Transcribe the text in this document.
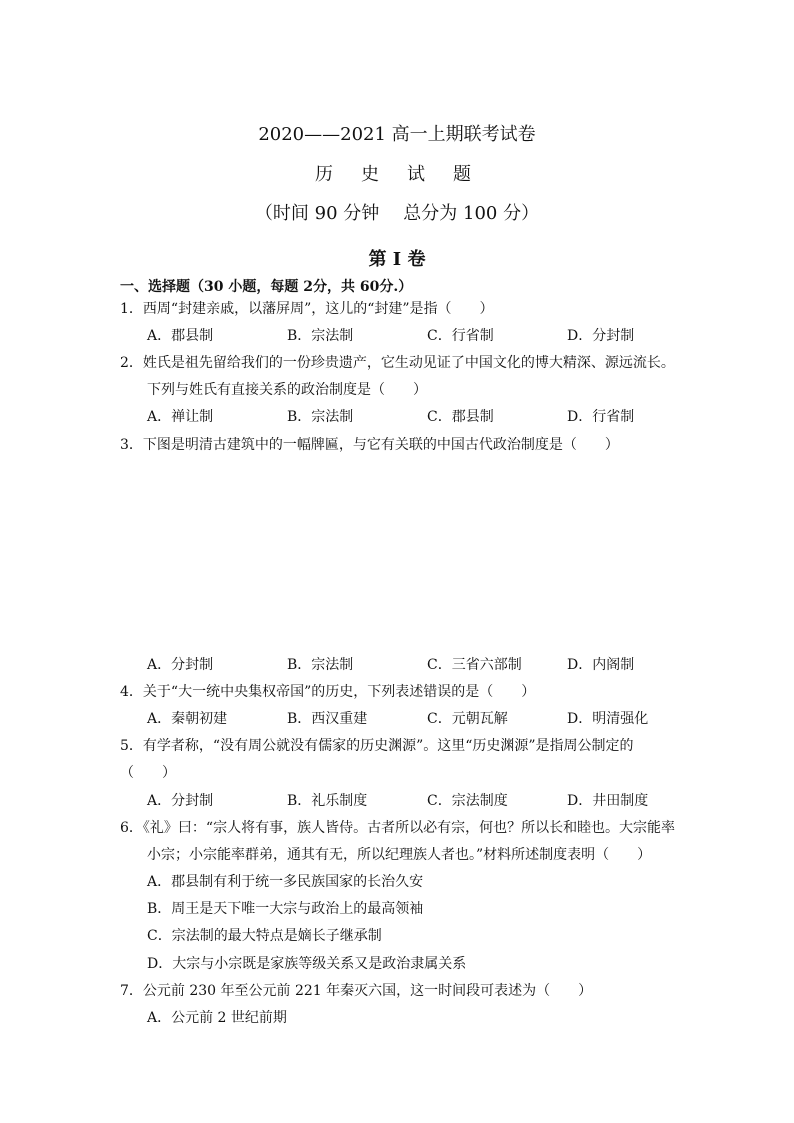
2020——2021 高一上期联考试卷
历史试题
（时间 90 分钟 总分为 100 分）
第 I 卷
一、选择题（30 小题，每题 2分，共 60分.）
1．西周“封建亲戚，以藩屏周”，这儿的“封建”是指（　　）
A．郡县制	B．宗法制	C．行省制	D．分封制
2．姓氏是祖先留给我们的一份珍贵遗产，它生动见证了中国文化的博大精深、源远流长。
下列与姓氏有直接关系的政治制度是（　　）
A．禅让制	B．宗法制	C．郡县制	D．行省制
3．下图是明清古建筑中的一幅牌匾，与它有关联的中国古代政治制度是（　　）
A．分封制	B．宗法制	C．三省六部制	D．内阁制
4．关于“大一统中央集权帝国”的历史，下列表述错误的是（　　）
A．秦朝初建	B．西汉重建	C．元朝瓦解	D．明清强化
5．有学者称，“没有周公就没有儒家的历史渊源”。这里“历史渊源”是指周公制定的
（　　）
A．分封制	B．礼乐制度	C．宗法制度	D．井田制度
6．《礼》曰：“宗人将有事，族人皆侍。古者所以必有宗，何也？所以长和睦也。大宗能率
小宗；小宗能率群弟，通其有无，所以纪理族人者也。”材料所述制度表明（　　）
A．郡县制有利于统一多民族国家的长治久安
B．周王是天下唯一大宗与政治上的最高领袖
C．宗法制的最大特点是嫡长子继承制
D．大宗与小宗既是家族等级关系又是政治隶属关系
7．公元前 230 年至公元前 221 年秦灭六国，这一时间段可表述为（　　）
A．公元前 2 世纪前期
